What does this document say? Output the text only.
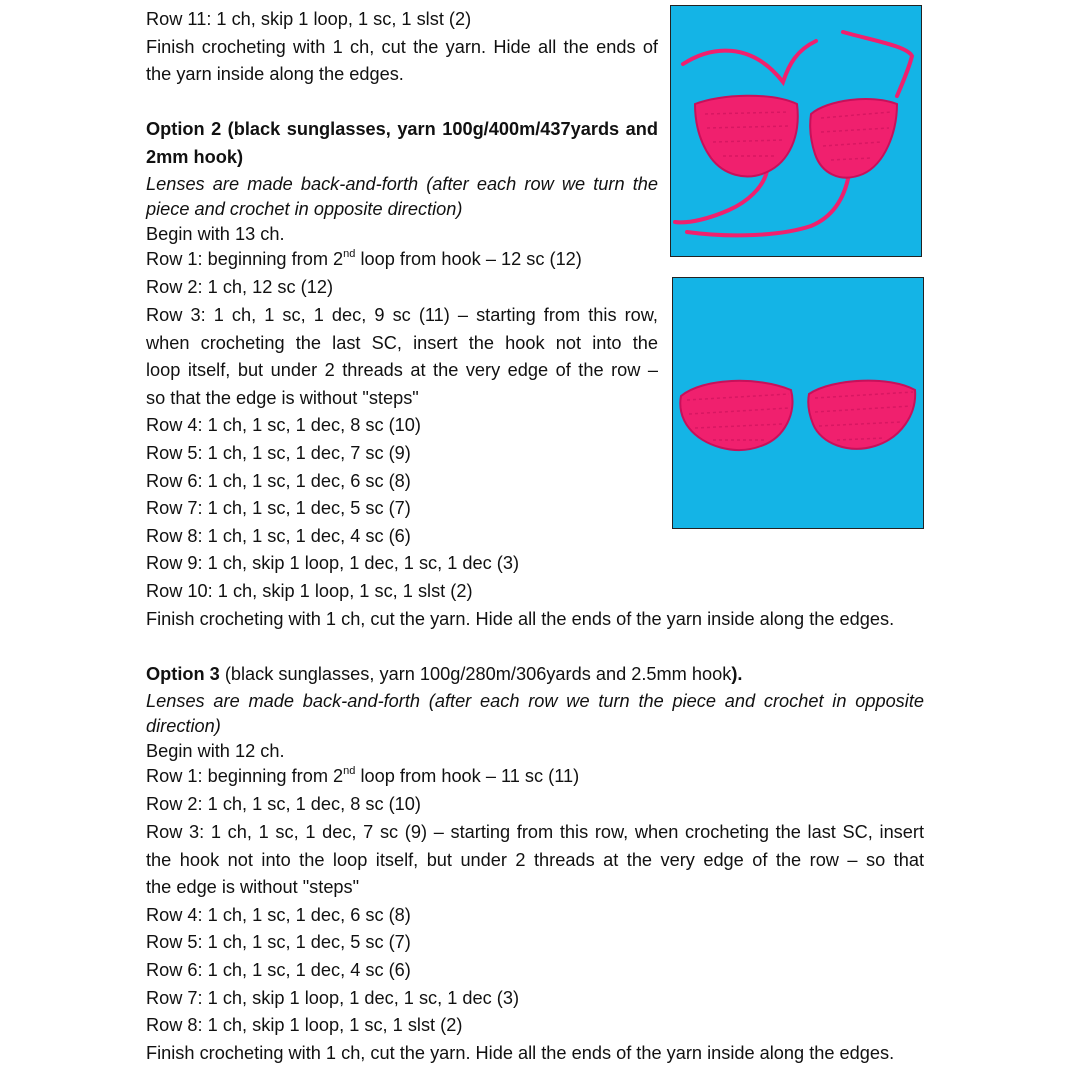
Row 11: 1 ch, skip 1 loop, 1 sc, 1 slst (2)
Finish crocheting with 1 ch, cut the yarn. Hide all the ends of
the yarn inside along the edges.
Option 2 (black sunglasses, yarn 100g/400m/437yards and
2mm hook)
Lenses are made back-and-forth (after each row we turn the
piece and crochet in opposite direction)
Begin with 13 ch.
Row 1: beginning from 2nd loop from hook – 12 sc (12)
Row 2: 1 ch, 12 sc (12)
Row 3: 1 ch, 1 sc, 1 dec, 9 sc (11) – starting from this row,
when crocheting the last SC, insert the hook not into the
loop itself, but under 2 threads at the very edge of the row –
so that the edge is without "steps"
Row 4: 1 ch, 1 sc, 1 dec, 8 sc (10)
Row 5: 1 ch, 1 sc, 1 dec, 7 sc (9)
Row 6: 1 ch, 1 sc, 1 dec, 6 sc (8)
Row 7: 1 ch, 1 sc, 1 dec, 5 sc (7)
Row 8: 1 ch, 1 sc, 1 dec, 4 sc (6)
Row 9: 1 ch, skip 1 loop, 1 dec, 1 sc, 1 dec (3)
Row 10: 1 ch, skip 1 loop, 1 sc, 1 slst (2)
Finish crocheting with 1 ch, cut the yarn. Hide all the ends of the yarn inside along the edges.
Option 3 (black sunglasses, yarn 100g/280m/306yards and 2.5mm hook).
Lenses are made back-and-forth (after each row we turn the piece and crochet in opposite
direction)
Begin with 12 ch.
Row 1: beginning from 2nd loop from hook – 11 sc (11)
Row 2: 1 ch, 1 sc, 1 dec, 8 sc (10)
Row 3: 1 ch, 1 sc, 1 dec, 7 sc (9) – starting from this row, when crocheting the last SC, insert
the hook not into the loop itself, but under 2 threads at the very edge of the row – so that
the edge is without "steps"
Row 4: 1 ch, 1 sc, 1 dec, 6 sc (8)
Row 5: 1 ch, 1 sc, 1 dec, 5 sc (7)
Row 6: 1 ch, 1 sc, 1 dec, 4 sc (6)
Row 7: 1 ch, skip 1 loop, 1 dec, 1 sc, 1 dec (3)
Row 8: 1 ch, skip 1 loop, 1 sc, 1 slst (2)
Finish crocheting with 1 ch, cut the yarn. Hide all the ends of the yarn inside along the edges.
